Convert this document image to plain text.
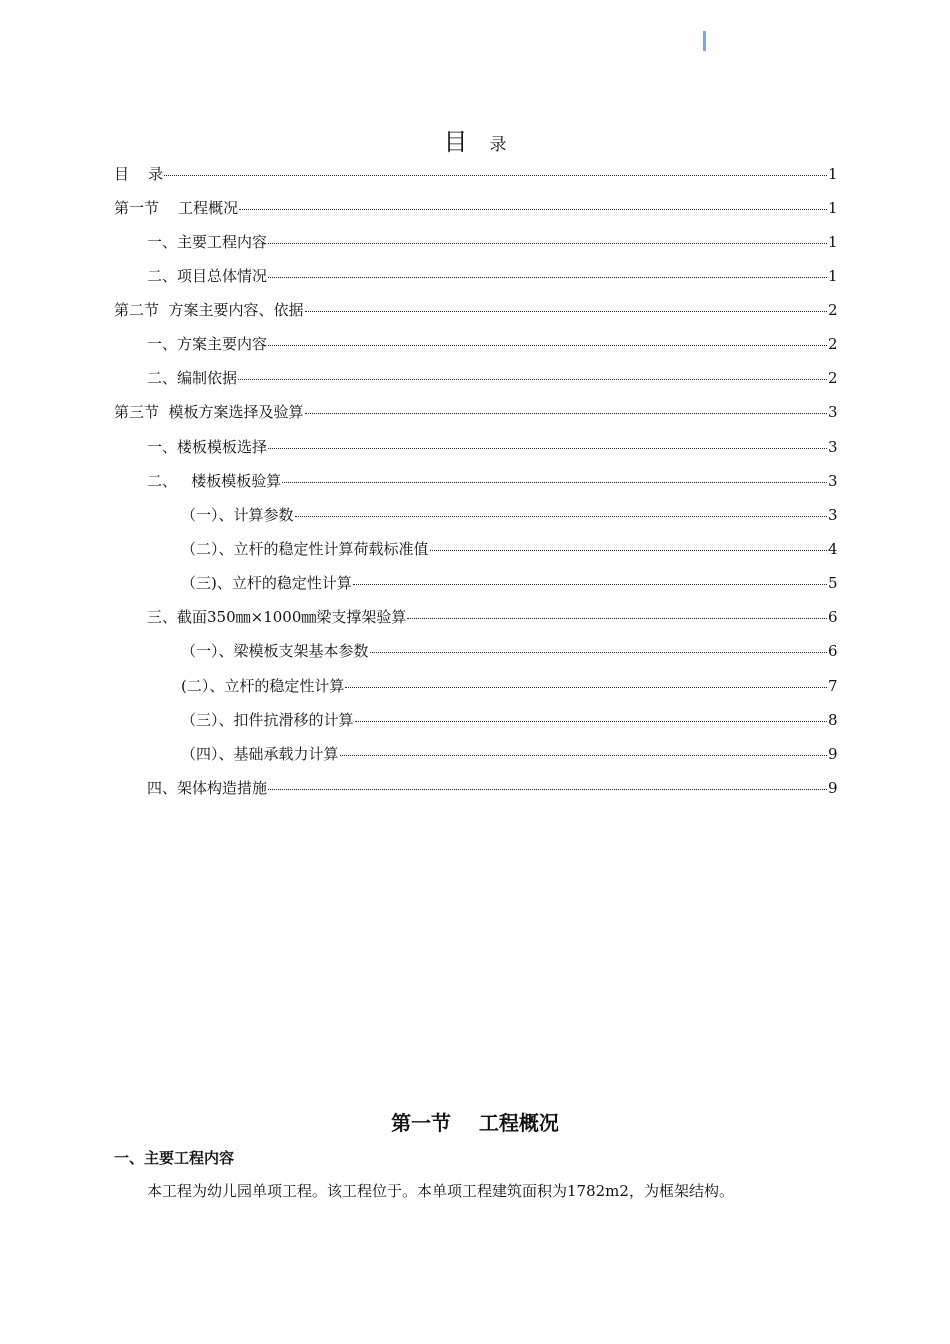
目 录
目    录	1
第一节    工程概况	1
一、主要工程内容	1
二、项目总体情况	1
第二节  方案主要内容、依据	2
一、方案主要内容	2
二、编制依据	2
第三节  模板方案选择及验算	3
一、楼板模板选择	3
二、   楼板模板验算	3
（一）、计算参数	3
（二）、立杆的稳定性计算荷载标准值	4
（三)、立杆的稳定性计算	5
三、截面350㎜×1000㎜梁支撑架验算	6
（一）、梁模板支架基本参数	6
(二）、立杆的稳定性计算	7
（三）、扣件抗滑移的计算	8
（四）、基础承载力计算	9
四、架体构造措施	9
第一节    工程概况
一、主要工程内容
本工程为幼儿园单项工程。该工程位于。本单项工程建筑面积为1782m2，为框架结构。
